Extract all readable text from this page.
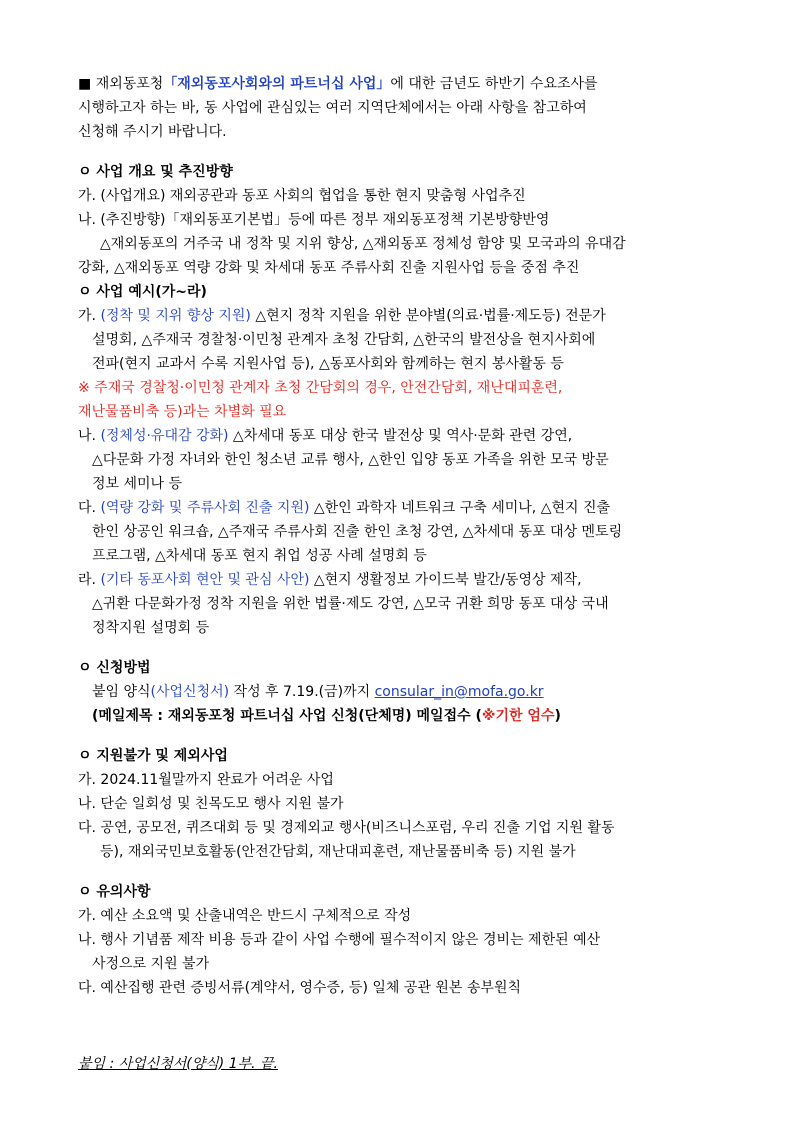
■ 재외동포청「재외동포사회와의 파트너십 사업」에 대한 금년도 하반기 수요조사를
시행하고자 하는 바, 동 사업에 관심있는 여러 지역단체에서는 아래 사항을 참고하여
신청해 주시기 바랍니다.
ㅇ 사업 개요 및 추진방향
가. (사업개요) 재외공관과 동포 사회의 협업을 통한 현지 맞춤형 사업추진
나. (추진방향)「재외동포기본법」등에 따른 정부 재외동포정책 기본방향반영
△재외동포의 거주국 내 정착 및 지위 향상, △재외동포 정체성 함양 및 모국과의 유대감
강화, △재외동포 역량 강화 및 차세대 동포 주류사회 진출 지원사업 등을 중점 추진
ㅇ 사업 예시(가~라)
가. (정착 및 지위 향상 지원) △현지 정착 지원을 위한 분야별(의료·법률·제도등) 전문가
설명회, △주재국 경찰청·이민청 관계자 초청 간담회, △한국의 발전상을 현지사회에
전파(현지 교과서 수록 지원사업 등), △동포사회와 함께하는 현지 봉사활동 등
※ 주재국 경찰청·이민청 관계자 초청 간담회의 경우, 안전간담회, 재난대피훈련,
재난물품비축 등)과는 차별화 필요
나. (정체성·유대감 강화) △차세대 동포 대상 한국 발전상 및 역사·문화 관련 강연,
△다문화 가정 자녀와 한인 청소년 교류 행사, △한인 입양 동포 가족을 위한 모국 방문
정보 세미나 등
다. (역량 강화 및 주류사회 진출 지원) △한인 과학자 네트워크 구축 세미나, △현지 진출
한인 상공인 워크숍, △주재국 주류사회 진출 한인 초청 강연, △차세대 동포 대상 멘토링
프로그램, △차세대 동포 현지 취업 성공 사례 설명회 등
라. (기타 동포사회 현안 및 관심 사안) △현지 생활정보 가이드북 발간/동영상 제작,
△귀환 다문화가정 정착 지원을 위한 법률·제도 강연, △모국 귀환 희망 동포 대상 국내
정착지원 설명회 등
ㅇ 신청방법
붙임 양식(사업신청서) 작성 후 7.19.(금)까지 consular_in@mofa.go.kr
(메일제목 : 재외동포청 파트너십 사업 신청(단체명) 메일접수 (※기한 엄수)
ㅇ 지원불가 및 제외사업
가. 2024.11월말까지 완료가 어려운 사업
나. 단순 일회성 및 친목도모 행사 지원 불가
다. 공연, 공모전, 퀴즈대회 등 및 경제외교 행사(비즈니스포럼, 우리 진출 기업 지원 활동
등), 재외국민보호활동(안전간담회, 재난대피훈련, 재난물품비축 등) 지원 불가
ㅇ 유의사항
가. 예산 소요액 및 산출내역은 반드시 구체적으로 작성
나. 행사 기념품 제작 비용 등과 같이 사업 수행에 필수적이지 않은 경비는 제한된 예산
사정으로 지원 불가
다. 예산집행 관련 증빙서류(계약서, 영수증, 등) 일체 공관 원본 송부원칙
붙임 : 사업신청서(양식) 1부. 끝.
